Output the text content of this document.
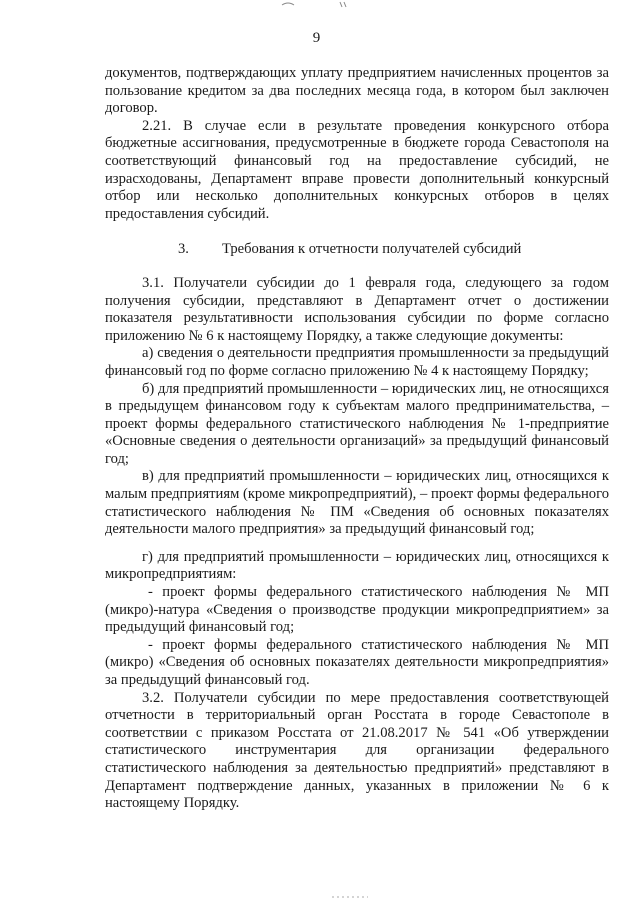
9

документов, подтверждающих уплату предприятием начисленных процентов за пользование кредитом за два последних месяца года, в котором был заключен договор.

2.21. В случае если в результате проведения конкурсного отбора бюджетные ассигнования, предусмотренные в бюджете города Севастополя на соответствующий финансовый год на предоставление субсидий, не израсходованы, Департамент вправе провести дополнительный конкурсный отбор или несколько дополнительных конкурсных отборов в целях предоставления субсидий.

3. Требования к отчетности получателей субсидий

3.1. Получатели субсидии до 1 февраля года, следующего за годом получения субсидии, представляют в Департамент отчет о достижении показателя результативности использования субсидии по форме согласно приложению № 6 к настоящему Порядку, а также следующие документы:

а) сведения о деятельности предприятия промышленности за предыдущий финансовый год по форме согласно приложению № 4 к настоящему Порядку;

б) для предприятий промышленности – юридических лиц, не относящихся в предыдущем финансовом году к субъектам малого предпринимательства, – проект формы федерального статистического наблюдения № 1-предприятие «Основные сведения о деятельности организаций» за предыдущий финансовый год;

в) для предприятий промышленности – юридических лиц, относящихся к малым предприятиям (кроме микропредприятий), – проект формы федерального статистического наблюдения № ПМ «Сведения об основных показателях деятельности малого предприятия» за предыдущий финансовый год;

г) для предприятий промышленности – юридических лиц, относящихся к микропредприятиям:

- проект формы федерального статистического наблюдения № МП (микро)-натура «Сведения о производстве продукции микропредприятием» за предыдущий финансовый год;

- проект формы федерального статистического наблюдения № МП (микро) «Сведения об основных показателях деятельности микропредприятия» за предыдущий финансовый год.

3.2. Получатели субсидии по мере предоставления соответствующей отчетности в территориальный орган Росстата в городе Севастополе в соответствии с приказом Росстата от 21.08.2017 № 541 «Об утверждении статистического инструментария для организации федерального статистического наблюдения за деятельностью предприятий» представляют в Департамент подтверждение данных, указанных в приложении № 6 к настоящему Порядку.
